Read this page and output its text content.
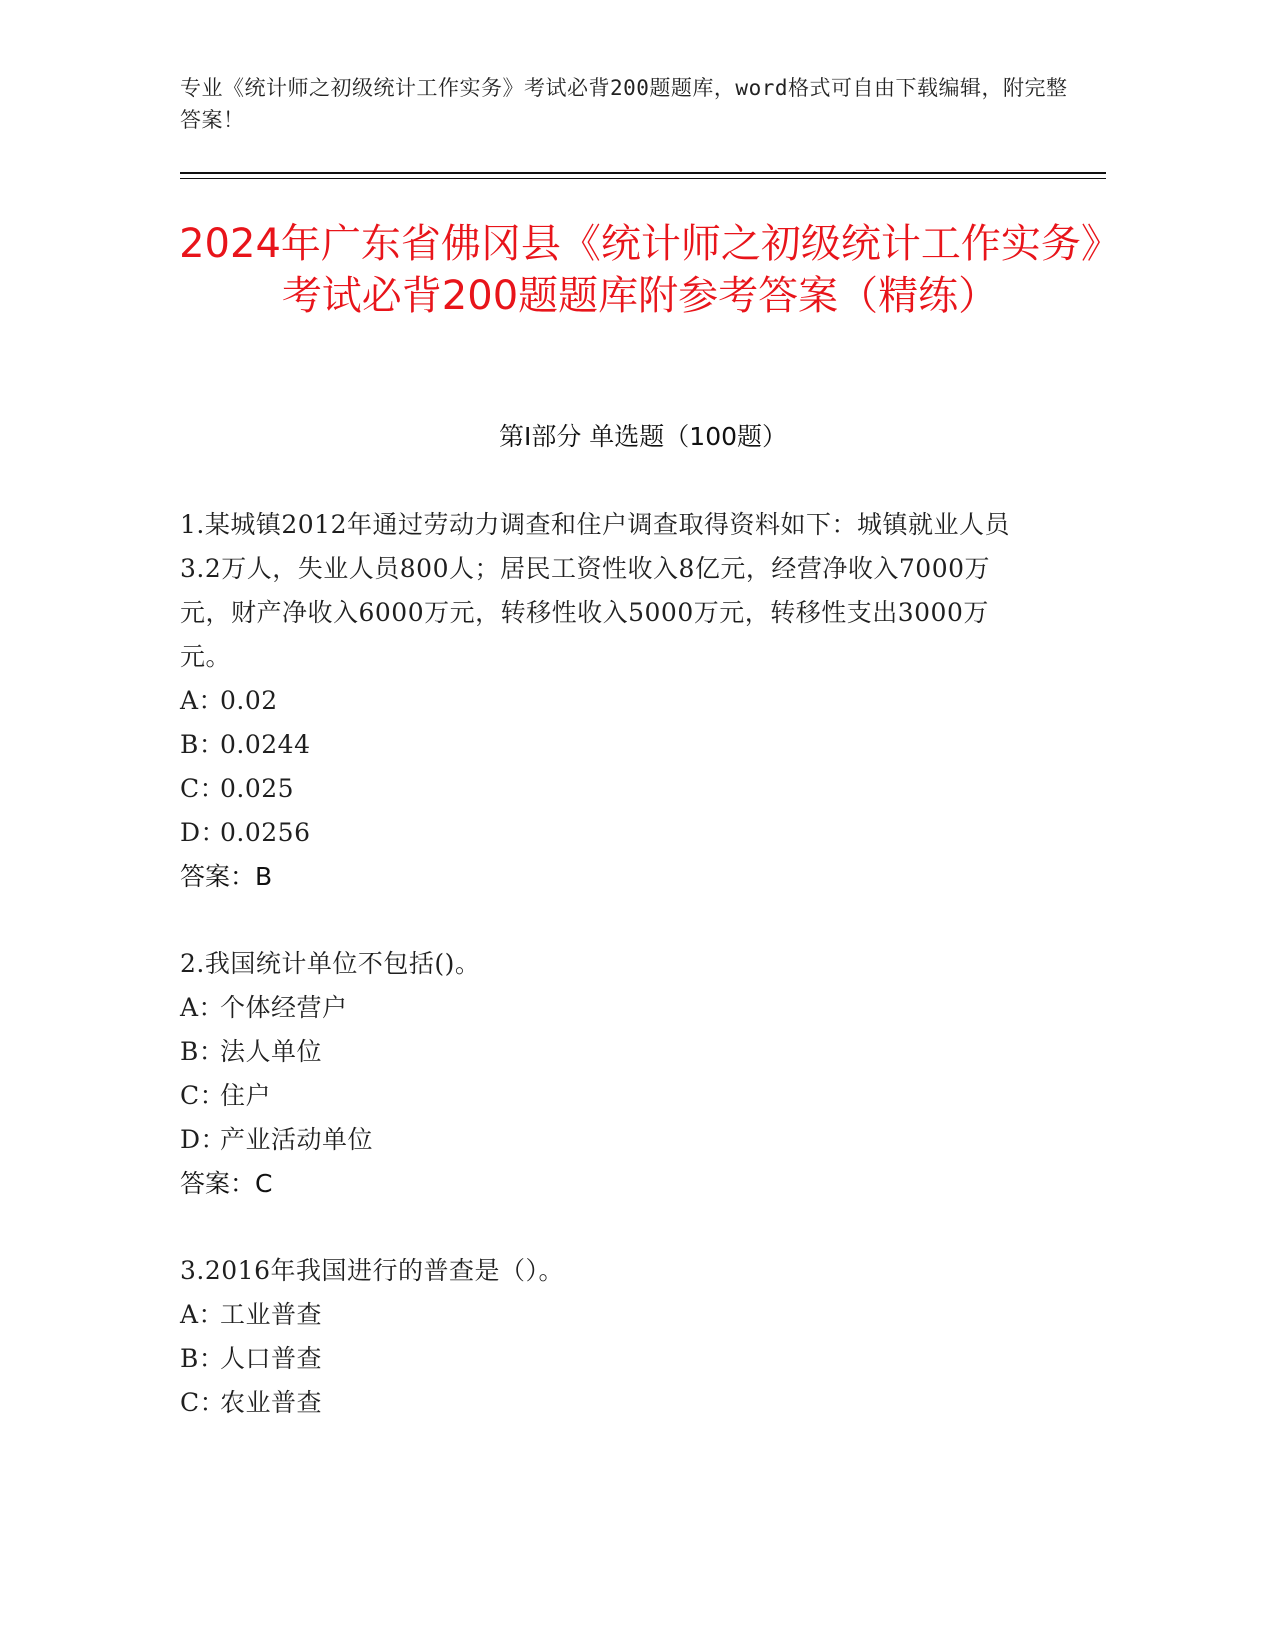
专业《统计师之初级统计工作实务》考试必背200题题库，word格式可自由下载编辑，附完整答案！
2024年广东省佛冈县《统计师之初级统计工作实务》考试必背200题题库附参考答案（精练）
第I部分 单选题（100题）
1.某城镇2012年通过劳动力调查和住户调查取得资料如下：城镇就业人员3.2万人，失业人员800人；居民工资性收入8亿元，经营净收入7000万元，财产净收入6000万元，转移性收入5000万元，转移性支出3000万元。
A：
0.02
B：
0.0244
C：
0.025
D：
0.0256
答案：B
2.我国统计单位不包括()。
A：
个体经营户
B：
法人单位
C：
住户
D：
产业活动单位
答案：C
3.2016年我国进行的普查是（）。
A：
工业普查
B：
人口普查
C：
农业普查
